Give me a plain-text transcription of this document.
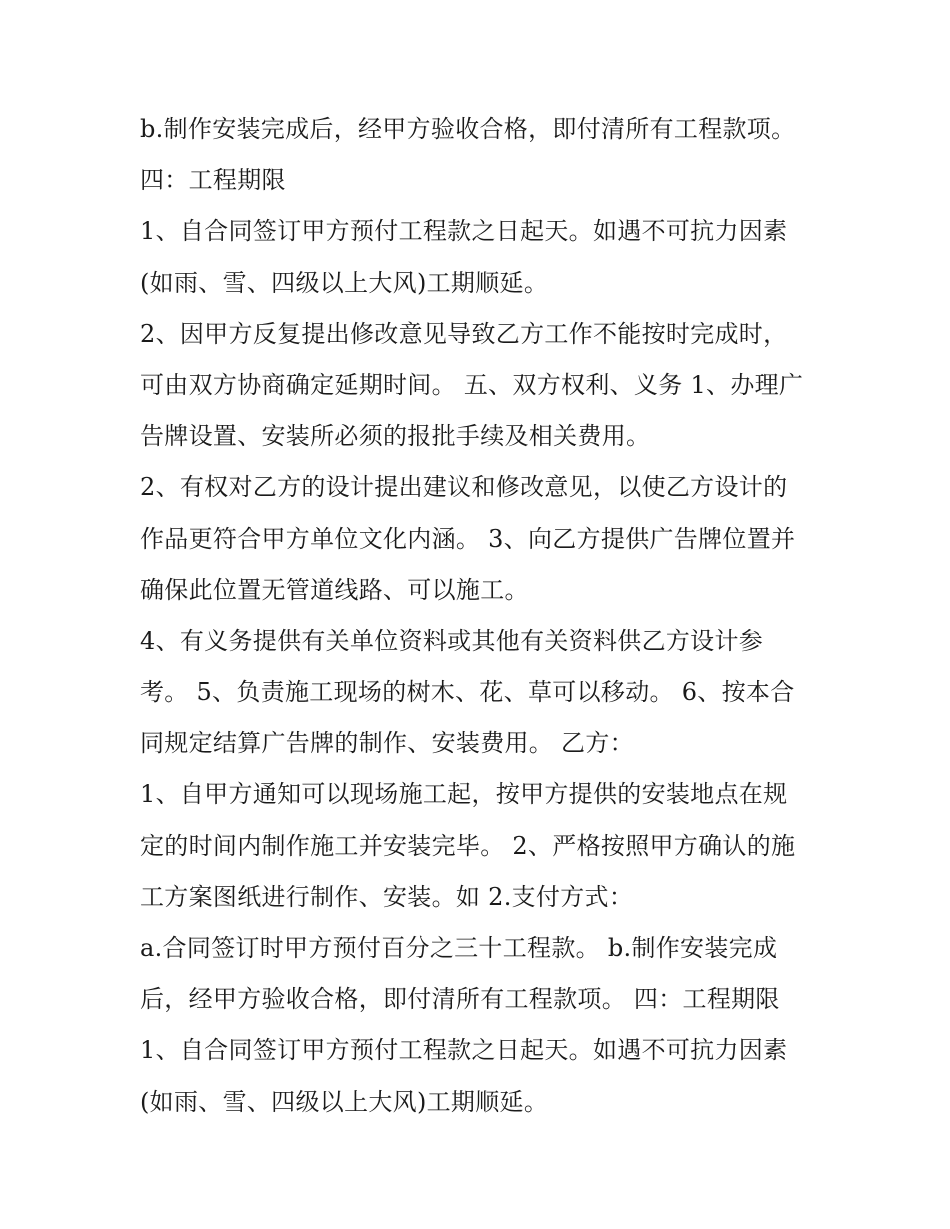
b.制作安装完成后，经甲方验收合格，即付清所有工程款项。
四：工程期限
1、自合同签订甲方预付工程款之日起天。如遇不可抗力因素
(如雨、雪、四级以上大风)工期顺延。
2、因甲方反复提出修改意见导致乙方工作不能按时完成时，
可由双方协商确定延期时间。 五、双方权利、义务 1、办理广
告牌设置、安装所必须的报批手续及相关费用。
2、有权对乙方的设计提出建议和修改意见，以使乙方设计的
作品更符合甲方单位文化内涵。 3、向乙方提供广告牌位置并
确保此位置无管道线路、可以施工。
4、有义务提供有关单位资料或其他有关资料供乙方设计参
考。 5、负责施工现场的树木、花、草可以移动。 6、按本合
同规定结算广告牌的制作、安装费用。 乙方：
1、自甲方通知可以现场施工起，按甲方提供的安装地点在规
定的时间内制作施工并安装完毕。 2、严格按照甲方确认的施
工方案图纸进行制作、安装。如 2.支付方式：
a.合同签订时甲方预付百分之三十工程款。 b.制作安装完成
后，经甲方验收合格，即付清所有工程款项。 四：工程期限
1、自合同签订甲方预付工程款之日起天。如遇不可抗力因素
(如雨、雪、四级以上大风)工期顺延。
